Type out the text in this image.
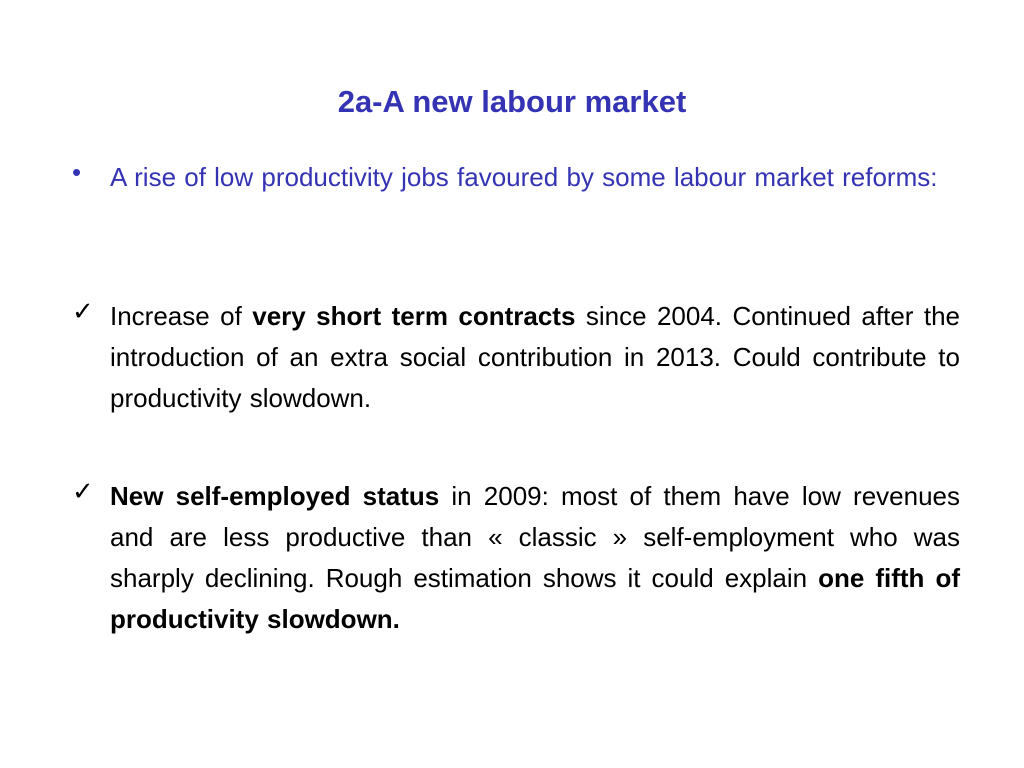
2a-A new labour market
• A rise of low productivity jobs favoured by some labour market reforms:
✓ Increase of very short term contracts since 2004. Continued after the introduction of an extra social contribution in 2013. Could contribute to productivity slowdown.
✓ New self-employed status in 2009: most of them have low revenues and are less productive than « classic » self-employment who was sharply declining. Rough estimation shows it could explain one fifth of productivity slowdown.
